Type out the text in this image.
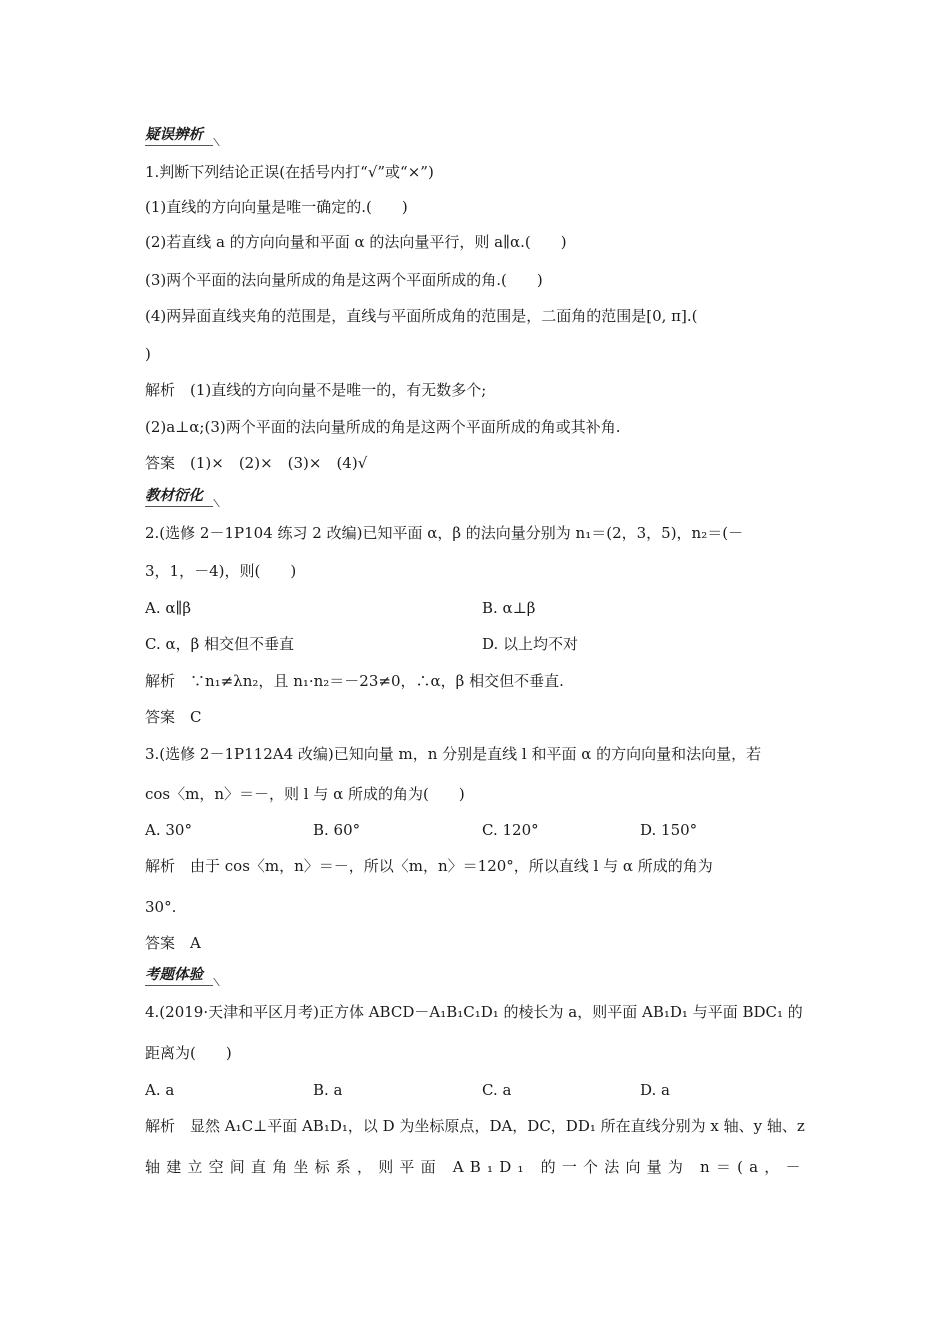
疑误辨析
1.判断下列结论正误(在括号内打“√”或“×”)
(1)直线的方向向量是唯一确定的.(　　)
(2)若直线 a 的方向向量和平面 α 的法向量平行，则 a∥α.(　　)
(3)两个平面的法向量所成的角是这两个平面所成的角.(　　)
(4)两异面直线夹角的范围是，直线与平面所成角的范围是，二面角的范围是[0, π].(
)
解析　(1)直线的方向向量不是唯一的，有无数多个;
(2)a⊥α;(3)两个平面的法向量所成的角是这两个平面所成的角或其补角.
答案　(1)×　(2)×　(3)×　(4)√
教材衍化
2.(选修 2－1P104 练习 2 改编)已知平面 α，β 的法向量分别为 n₁＝(2，3，5)，n₂＝(－
3，1，－4)，则(　　)
A. α∥β	B. α⊥β
C. α，β 相交但不垂直	D. 以上均不对
解析　∵n₁≠λn₂，且 n₁·n₂＝－23≠0，∴α，β 相交但不垂直.
答案　C
3.(选修 2－1P112A4 改编)已知向量 m，n 分别是直线 l 和平面 α 的方向向量和法向量，若
cos〈m，n〉＝－，则 l 与 α 所成的角为(　　)
A. 30°	B. 60°	C. 120°	D. 150°
解析　由于 cos〈m，n〉＝－，所以〈m，n〉＝120°，所以直线 l 与 α 所成的角为
30°.
答案　A
考题体验
4.(2019·天津和平区月考)正方体 ABCD－A₁B₁C₁D₁ 的棱长为 a，则平面 AB₁D₁ 与平面 BDC₁ 的
距离为(　　)
A. a	B. a	C. a	D. a
解析　显然 A₁C⊥平面 AB₁D₁，以 D 为坐标原点，DA，DC，DD₁ 所在直线分别为 x 轴、y 轴、z
轴建立空间直角坐标系，则平面 AB₁D₁ 的一个法向量为 n＝(a，－
